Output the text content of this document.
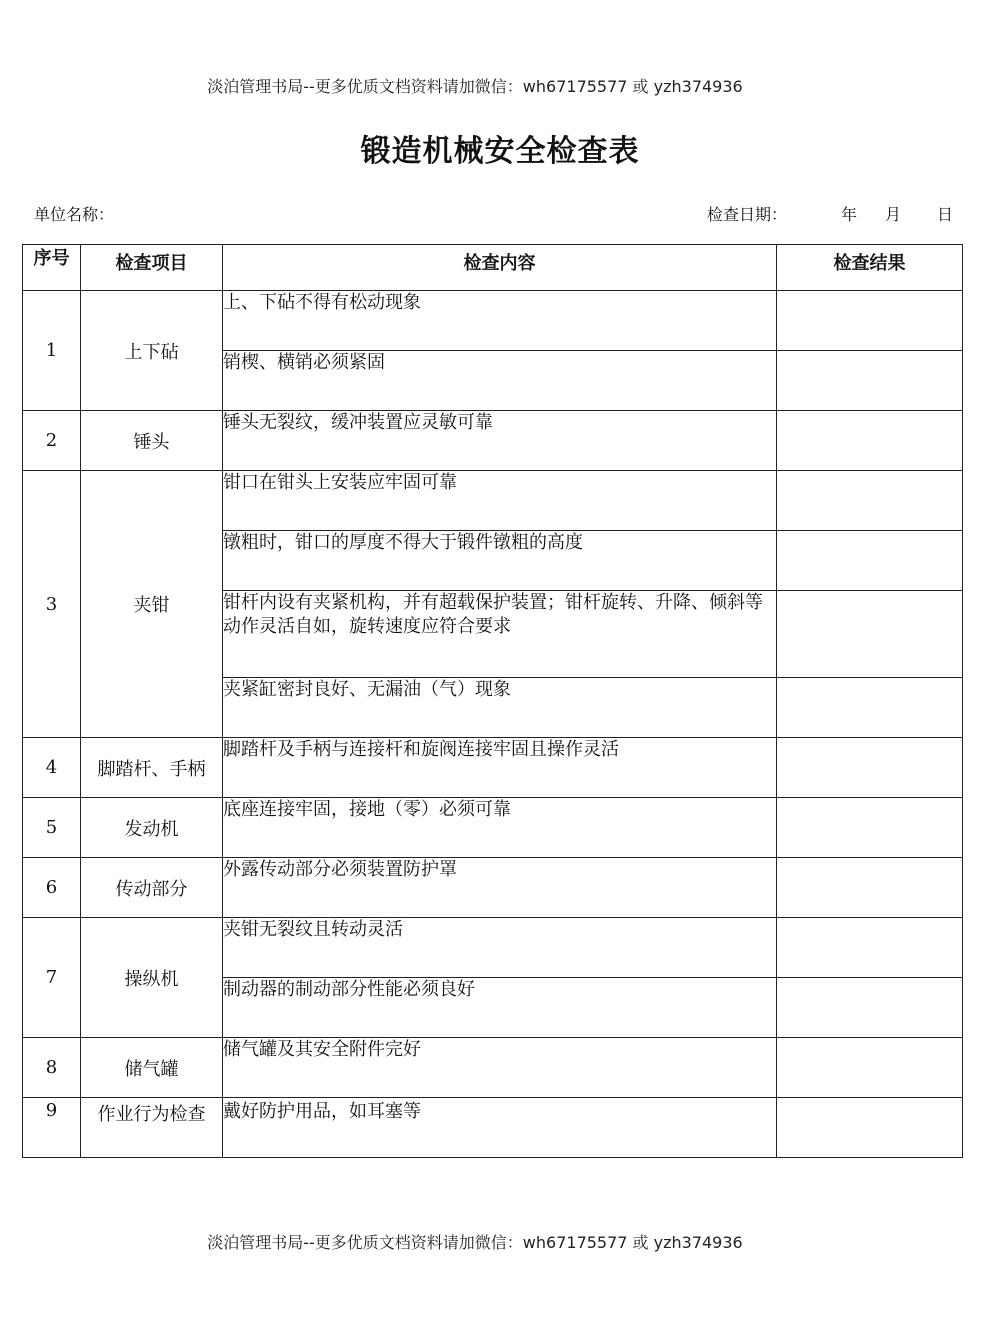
淡泊管理书局--更多优质文档资料请加微信：wh67175577 或 yzh374936
锻造机械安全检查表
单位名称：	检查日期：	年 月 日
序号	检查项目	检查内容	检查结果
1	上下砧	上、下砧不得有松动现象	
		销楔、横销必须紧固	
2	锤头	锤头无裂纹，缓冲装置应灵敏可靠	
3	夹钳	钳口在钳头上安装应牢固可靠	
		镦粗时，钳口的厚度不得大于锻件镦粗的高度	
		钳杆内设有夹紧机构，并有超载保护装置；钳杆旋转、升降、倾斜等动作灵活自如，旋转速度应符合要求	
		夹紧缸密封良好、无漏油（气）现象	
4	脚踏杆、手柄	脚踏杆及手柄与连接杆和旋阀连接牢固且操作灵活	
5	发动机	底座连接牢固，接地（零）必须可靠	
6	传动部分	外露传动部分必须装置防护罩	
7	操纵机	夹钳无裂纹且转动灵活	
		制动器的制动部分性能必须良好	
8	储气罐	储气罐及其安全附件完好	
9	作业行为检查	戴好防护用品，如耳塞等	
淡泊管理书局--更多优质文档资料请加微信：wh67175577 或 yzh374936
